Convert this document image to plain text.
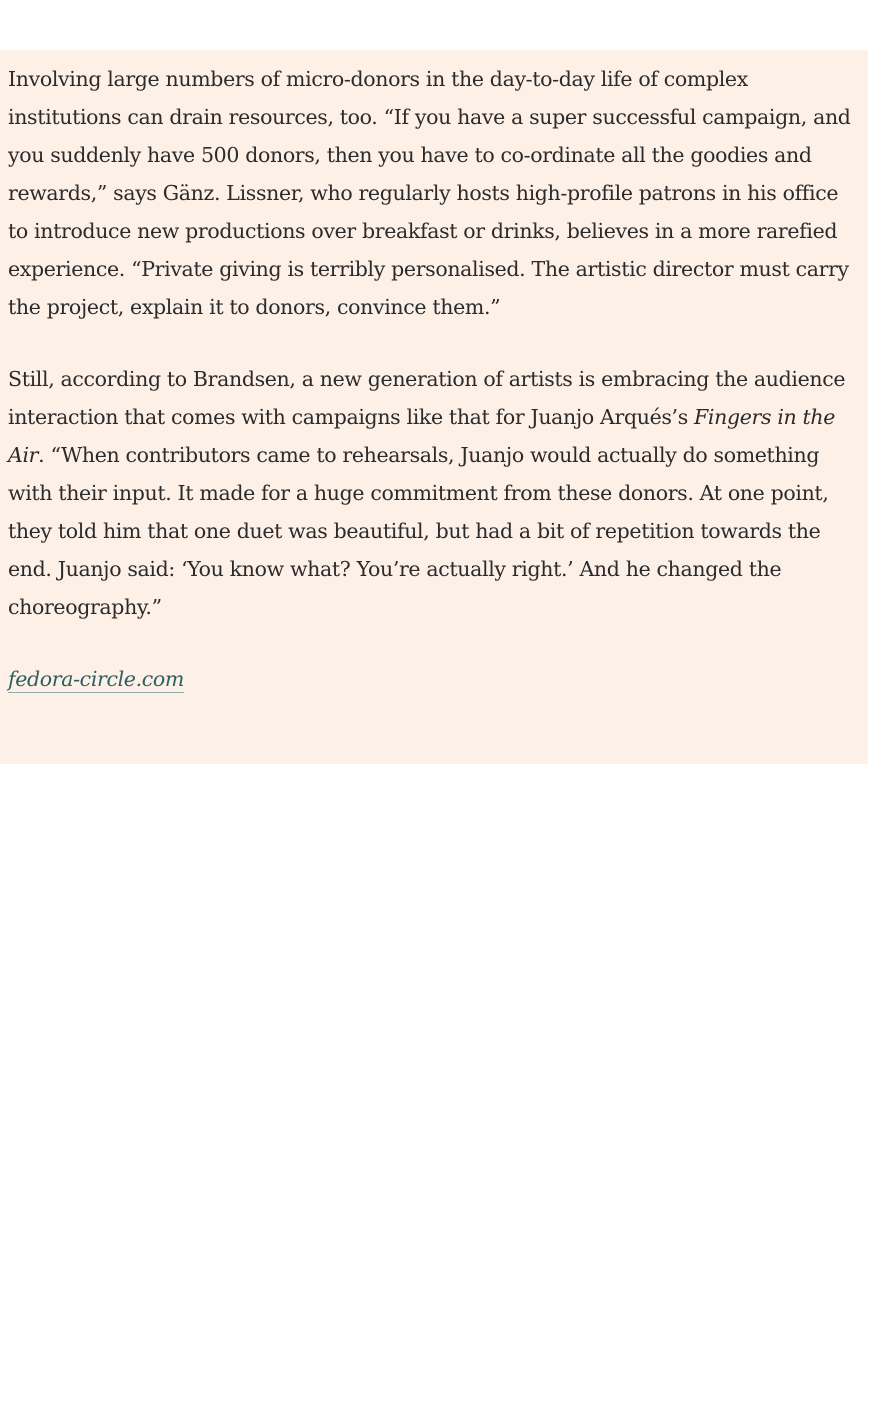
Involving large numbers of micro-donors in the day-to-day life of complex institutions can drain resources, too. “If you have a super successful campaign, and you suddenly have 500 donors, then you have to co-ordinate all the goodies and rewards,” says Gänz. Lissner, who regularly hosts high-profile patrons in his office to introduce new productions over breakfast or drinks, believes in a more rarefied experience. “Private giving is terribly personalised. The artistic director must carry the project, explain it to donors, convince them.”

Still, according to Brandsen, a new generation of artists is embracing the audience interaction that comes with campaigns like that for Juanjo Arqués’s Fingers in the Air. “When contributors came to rehearsals, Juanjo would actually do something with their input. It made for a huge commitment from these donors. At one point, they told him that one duet was beautiful, but had a bit of repetition towards the end. Juanjo said: ‘You know what? You’re actually right.’ And he changed the choreography.”

fedora-circle.com
